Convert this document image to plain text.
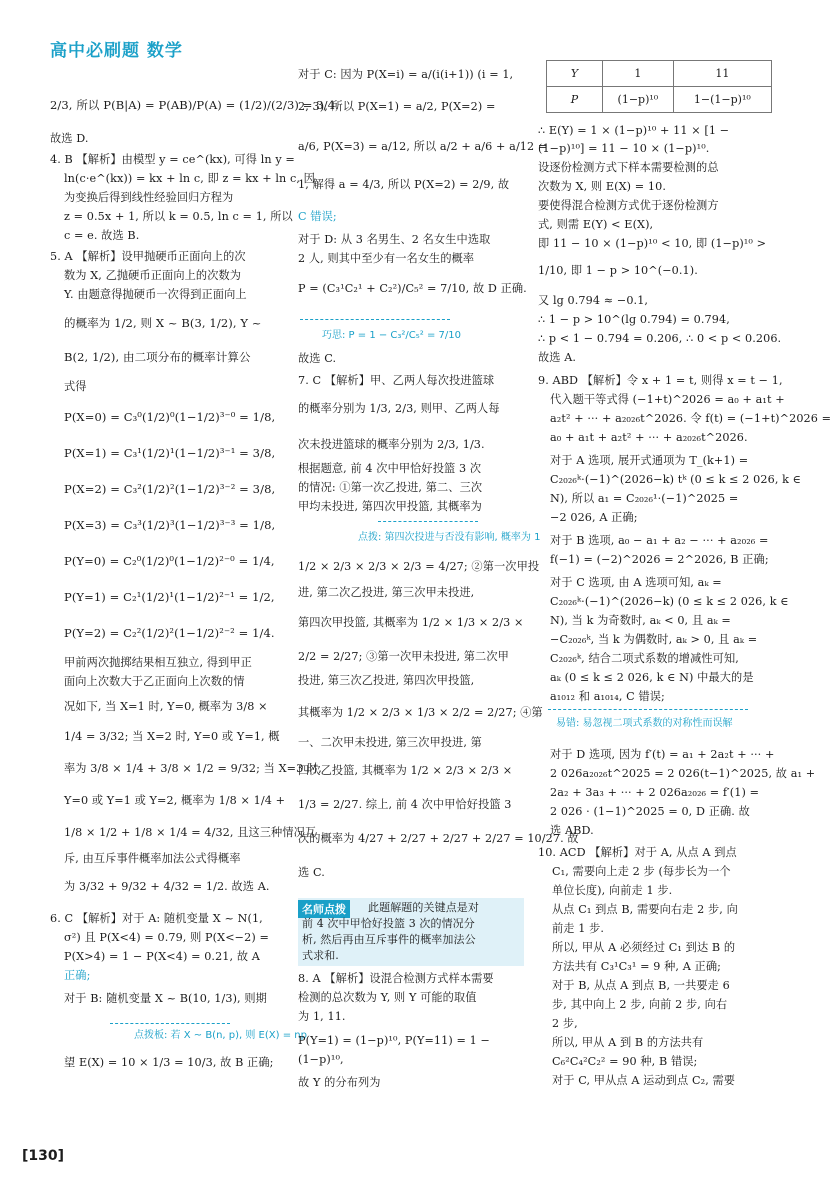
高中必刷题 数学
2/3, 所以 P(B|A) = P(AB)/P(A) = (1/2)/(2/3) = 3/4.
故选 D.
4. B 【解析】由模型 y = ce^(kx), 可得 ln y =
ln(c·e^(kx)) = kx + ln c, 即 z = kx + ln c, 因
为变换后得到线性经验回归方程为
z = 0.5x + 1, 所以 k = 0.5, ln c = 1, 所以
c = e. 故选 B.
5. A 【解析】设甲抛硬币正面向上的次
数为 X, 乙抛硬币正面向上的次数为
Y. 由题意得抛硬币一次得到正面向上
的概率为 1/2, 则 X ~ B(3, 1/2), Y ~
B(2, 1/2), 由二项分布的概率计算公
式得
P(X=0) = C₃⁰(1/2)⁰(1−1/2)³⁻⁰ = 1/8,
P(X=1) = C₃¹(1/2)¹(1−1/2)³⁻¹ = 3/8,
P(X=2) = C₃²(1/2)²(1−1/2)³⁻² = 3/8,
P(X=3) = C₃³(1/2)³(1−1/2)³⁻³ = 1/8,
P(Y=0) = C₂⁰(1/2)⁰(1−1/2)²⁻⁰ = 1/4,
P(Y=1) = C₂¹(1/2)¹(1−1/2)²⁻¹ = 1/2,
P(Y=2) = C₂²(1/2)²(1−1/2)²⁻² = 1/4.
甲前两次抛掷结果相互独立, 得到甲正
面向上次数大于乙正面向上次数的情
况如下, 当 X=1 时, Y=0, 概率为 3/8 ×
1/4 = 3/32; 当 X=2 时, Y=0 或 Y=1, 概
率为 3/8 × 1/4 + 3/8 × 1/2 = 9/32; 当 X=3 时,
Y=0 或 Y=1 或 Y=2, 概率为 1/8 × 1/4 +
1/8 × 1/2 + 1/8 × 1/4 = 4/32, 且这三种情况互
斥, 由互斥事件概率加法公式得概率
为 3/32 + 9/32 + 4/32 = 1/2. 故选 A.
6. C 【解析】对于 A: 随机变量 X ~ N(1,
σ²) 且 P(X<4) = 0.79, 则 P(X<−2) =
P(X>4) = 1 − P(X<4) = 0.21, 故 A
正确;
对于 B: 随机变量 X ~ B(10, 1/3), 则期
点拨板: 若 X ~ B(n, p), 则 E(X) = np
望 E(X) = 10 × 1/3 = 10/3, 故 B 正确;
对于 C: 因为 P(X=i) = a/(i(i+1)) (i = 1,
2, 3), 所以 P(X=1) = a/2, P(X=2) =
a/6, P(X=3) = a/12, 所以 a/2 + a/6 + a/12 =
1, 解得 a = 4/3, 所以 P(X=2) = 2/9, 故
C 错误;
对于 D: 从 3 名男生、2 名女生中选取
2 人, 则其中至少有一名女生的概率
P = (C₃¹C₂¹ + C₂²)/C₅² = 7/10, 故 D 正确.
巧思: P = 1 − C₃²/C₅² = 7/10
故选 C.
7. C 【解析】甲、乙两人每次投进篮球
的概率分别为 1/3, 2/3, 则甲、乙两人每
次未投进篮球的概率分别为 2/3, 1/3.
根据题意, 前 4 次中甲恰好投篮 3 次
的情况: ①第一次乙投进, 第二、三次
甲均未投进, 第四次甲投篮, 其概率为
点拨: 第四次投进与否没有影响, 概率为 1
1/2 × 2/3 × 2/3 × 2/3 = 4/27; ②第一次甲投
进, 第二次乙投进, 第三次甲未投进,
第四次甲投篮, 其概率为 1/2 × 1/3 × 2/3 ×
2/2 = 2/27; ③第一次甲未投进, 第二次甲
投进, 第三次乙投进, 第四次甲投篮,
其概率为 1/2 × 2/3 × 1/3 × 2/2 = 2/27; ④第
一、二次甲未投进, 第三次甲投进, 第
四次乙投篮, 其概率为 1/2 × 2/3 × 2/3 ×
1/3 = 2/27. 综上, 前 4 次中甲恰好投篮 3
次的概率为 4/27 + 2/27 + 2/27 + 2/27 = 10/27. 故
选 C.
名师点拨	此题解题的关键点是对
前 4 次中甲恰好投篮 3 次的情况分
析, 然后再由互斥事件的概率加法公
式求和.
8. A 【解析】设混合检测方式样本需要
检测的总次数为 Y, 则 Y 可能的取值
为 1, 11.
P(Y=1) = (1−p)¹⁰, P(Y=11) = 1 −
(1−p)¹⁰,
故 Y 的分布列为
Y	1	11
P	(1−p)¹⁰	1−(1−p)¹⁰
∴ E(Y) = 1 × (1−p)¹⁰ + 11 × [1 −
(1−p)¹⁰] = 11 − 10 × (1−p)¹⁰.
设逐份检测方式下样本需要检测的总
次数为 X, 则 E(X) = 10.
要使得混合检测方式优于逐份检测方
式, 则需 E(Y) < E(X),
即 11 − 10 × (1−p)¹⁰ < 10, 即 (1−p)¹⁰ >
1/10, 即 1 − p > 10^(−0.1).
又 lg 0.794 ≈ −0.1,
∴ 1 − p > 10^(lg 0.794) = 0.794,
∴ p < 1 − 0.794 = 0.206, ∴ 0 < p < 0.206.
故选 A.
9. ABD 【解析】令 x + 1 = t, 则得 x = t − 1,
代入题干等式得 (−1+t)^2026 = a₀ + a₁t +
a₂t² + ··· + a₂₀₂₆t^2026. 令 f(t) = (−1+t)^2026 =
a₀ + a₁t + a₂t² + ··· + a₂₀₂₆t^2026.
对于 A 选项, 展开式通项为 T_(k+1) =
C₂₀₂₆ᵏ·(−1)^(2026−k) tᵏ (0 ≤ k ≤ 2 026, k ∈
N), 所以 a₁ = C₂₀₂₆¹·(−1)^2025 =
−2 026, A 正确;
对于 B 选项, a₀ − a₁ + a₂ − ··· + a₂₀₂₆ =
f(−1) = (−2)^2026 = 2^2026, B 正确;
对于 C 选项, 由 A 选项可知, aₖ =
C₂₀₂₆ᵏ·(−1)^(2026−k) (0 ≤ k ≤ 2 026, k ∈
N), 当 k 为奇数时, aₖ < 0, 且 aₖ =
−C₂₀₂₆ᵏ, 当 k 为偶数时, aₖ > 0, 且 aₖ =
C₂₀₂₆ᵏ, 结合二项式系数的增减性可知,
aₖ (0 ≤ k ≤ 2 026, k ∈ N) 中最大的是
a₁₀₁₂ 和 a₁₀₁₄, C 错误;
易错: 易忽视二项式系数的对称性而误解
对于 D 选项, 因为 f′(t) = a₁ + 2a₂t + ··· +
2 026a₂₀₂₆t^2025 = 2 026(t−1)^2025, 故 a₁ +
2a₂ + 3a₃ + ··· + 2 026a₂₀₂₆ = f′(1) =
2 026 · (1−1)^2025 = 0, D 正确. 故
选 ABD.
10. ACD 【解析】对于 A, 从点 A 到点
C₁, 需要向上走 2 步 (每步长为一个
单位长度), 向前走 1 步.
从点 C₁ 到点 B, 需要向右走 2 步, 向
前走 1 步.
所以, 甲从 A 必须经过 C₁ 到达 B 的
方法共有 C₃¹C₃¹ = 9 种, A 正确;
对于 B, 从点 A 到点 B, 一共要走 6
步, 其中向上 2 步, 向前 2 步, 向右
2 步,
所以, 甲从 A 到 B 的方法共有
C₆²C₄²C₂² = 90 种, B 错误;
对于 C, 甲从点 A 运动到点 C₂, 需要
[130]
